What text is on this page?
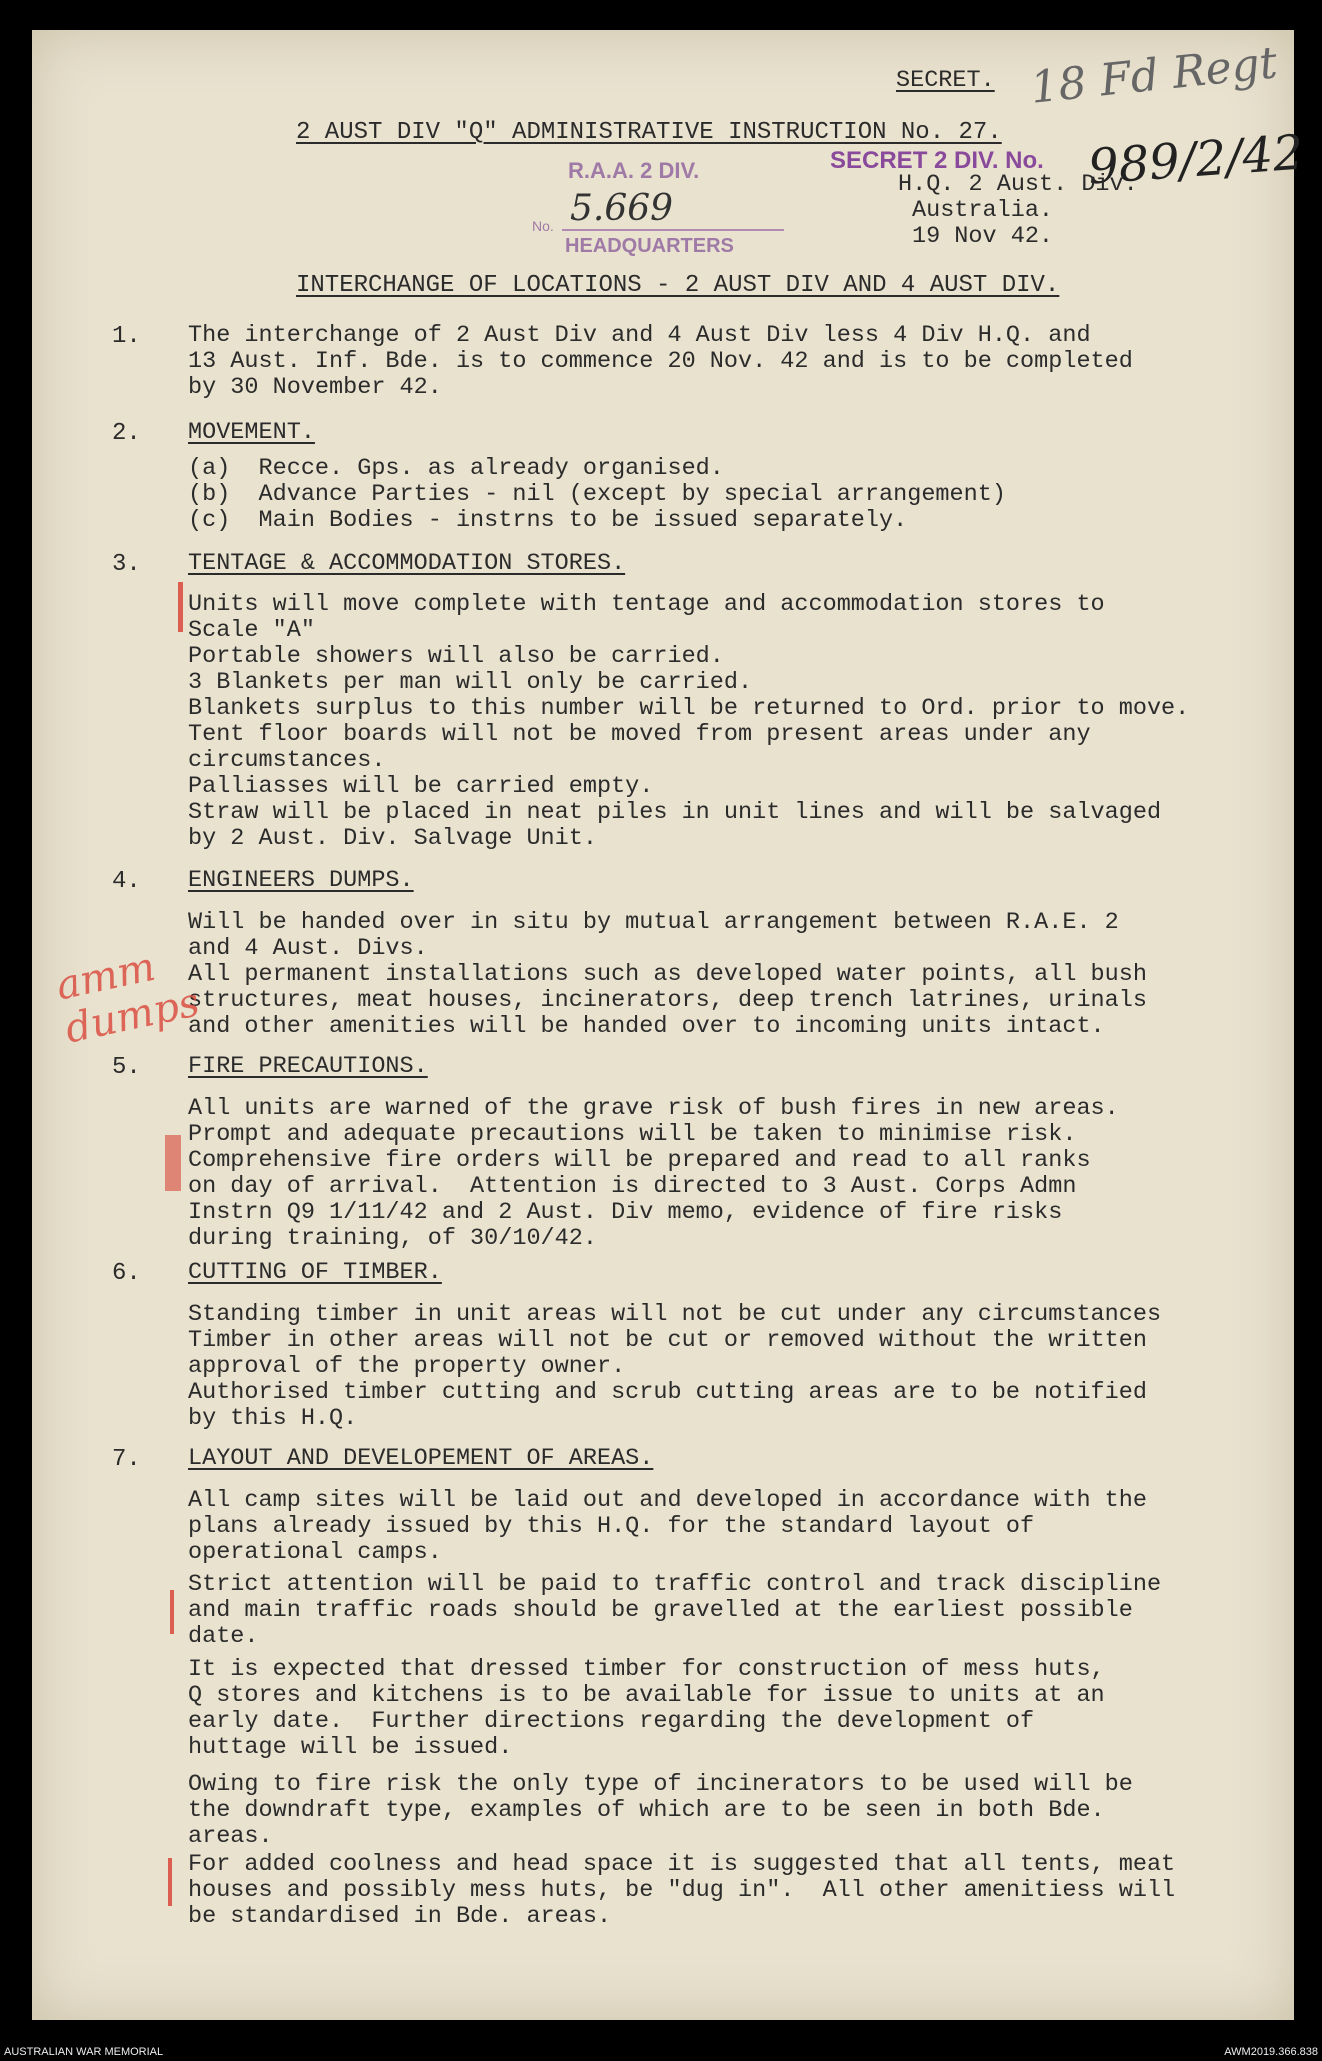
SECRET. 18 Fd Regt
2 AUST DIV "Q" ADMINISTRATIVE INSTRUCTION No. 27.
SECRET 2 DIV. No. 989/2/42
H.Q. 2 Aust. Div.
Australia.
19 Nov 42.
R.A.A. 2 DIV.
No. 5.669
HEADQUARTERS
INTERCHANGE OF LOCATIONS - 2 AUST DIV AND 4 AUST DIV.
1. The interchange of 2 Aust Div and 4 Aust Div less 4 Div H.Q. and
13 Aust. Inf. Bde. is to commence 20 Nov. 42 and is to be completed
by 30 November 42.
2. MOVEMENT.
(a)  Recce. Gps. as already organised.
(b)  Advance Parties - nil (except by special arrangement)
(c)  Main Bodies - instrns to be issued separately.
3. TENTAGE & ACCOMMODATION STORES.
Units will move complete with tentage and accommodation stores to
Scale "A"
Portable showers will also be carried.
3 Blankets per man will only be carried.
Blankets surplus to this number will be returned to Ord. prior to move.
Tent floor boards will not be moved from present areas under any
circumstances.
Palliasses will be carried empty.
Straw will be placed in neat piles in unit lines and will be salvaged
by 2 Aust. Div. Salvage Unit.
4. ENGINEERS DUMPS.
Will be handed over in situ by mutual arrangement between R.A.E. 2
and 4 Aust. Divs.
All permanent installations such as developed water points, all bush
structures, meat houses, incinerators, deep trench latrines, urinals
and other amenities will be handed over to incoming units intact.
amm dumps
5. FIRE PRECAUTIONS.
All units are warned of the grave risk of bush fires in new areas.
Prompt and adequate precautions will be taken to minimise risk.
Comprehensive fire orders will be prepared and read to all ranks
on day of arrival.  Attention is directed to 3 Aust. Corps Admn
Instrn Q9 1/11/42 and 2 Aust. Div memo, evidence of fire risks
during training, of 30/10/42.
6. CUTTING OF TIMBER.
Standing timber in unit areas will not be cut under any circumstances
Timber in other areas will not be cut or removed without the written
approval of the property owner.
Authorised timber cutting and scrub cutting areas are to be notified
by this H.Q.
7. LAYOUT AND DEVELOPEMENT OF AREAS.
All camp sites will be laid out and developed in accordance with the
plans already issued by this H.Q. for the standard layout of
operational camps.
Strict attention will be paid to traffic control and track discipline
and main traffic roads should be gravelled at the earliest possible
date.
It is expected that dressed timber for construction of mess huts,
Q stores and kitchens is to be available for issue to units at an
early date.  Further directions regarding the development of
huttage will be issued.
Owing to fire risk the only type of incinerators to be used will be
the downdraft type, examples of which are to be seen in both Bde.
areas.
For added coolness and head space it is suggested that all tents, meat
houses and possibly mess huts, be "dug in".  All other amenitiess will
be standardised in Bde. areas.
AUSTRALIAN WAR MEMORIAL	AWM2019.366.838
